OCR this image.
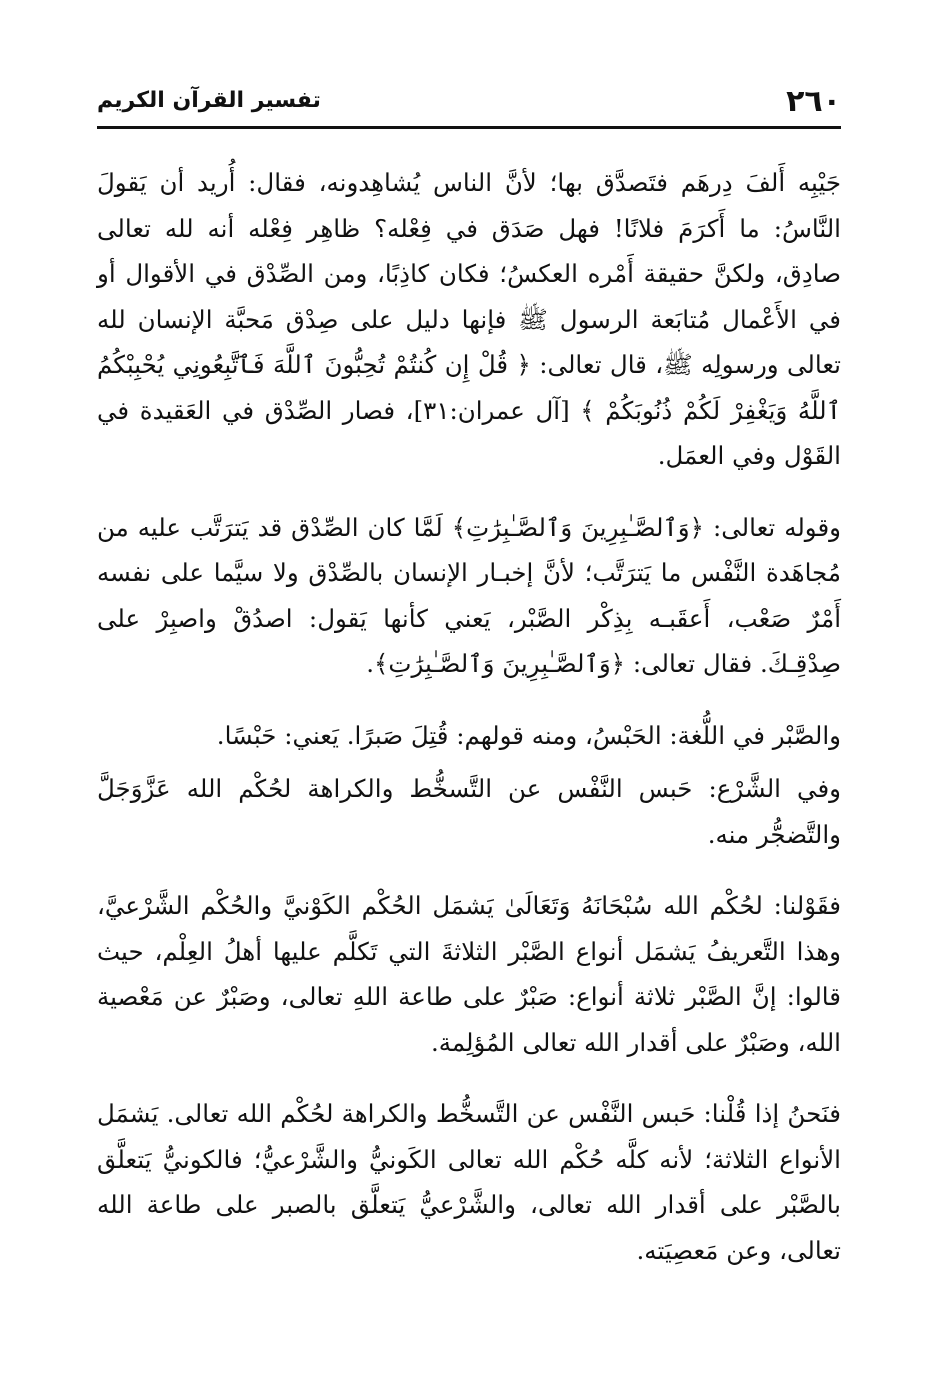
٢٦٠
تفسير القرآن الكريم

جَيْبِه أَلفَ دِرهَم فتَصدَّق بها؛ لأنَّ الناس يُشاهِدونه، فقال: أُريد أن يَقولَ النَّاسُ: ما أَكرَمَ فلانًا! فهل صَدَق في فِعْله؟ ظاهِر فِعْله أنه لله تعالى صادِق، ولكنَّ حقيقة أَمْره العكسُ؛ فكان كاذِبًا، ومن الصِّدْق في الأقوال أو في الأَعْمال مُتابَعة الرسول ﷺ فإنها دليل على صِدْق مَحبَّة الإنسان لله تعالى ورسولِه ﷺ، قال تعالى: ﴿ قُلْ إِن كُنتُمْ تُحِبُّونَ ٱللَّهَ فَٱتَّبِعُونِي يُحْبِبْكُمُ ٱللَّهُ وَيَغْفِرْ لَكُمْ ذُنُوبَكُمْ ﴾ [آل عمران:٣١]، فصار الصِّدْق في العَقيدة في القَوْل وفي العمَل.

وقوله تعالى: ﴿وَٱلصَّـٰبِرِينَ وَٱلصَّـٰبِرَٰتِ﴾ لَمَّا كان الصِّدْق قد يَترَتَّب عليه من مُجاهَدة النَّفْس ما يَترَتَّب؛ لأنَّ إخبـار الإنسان بالصِّدْق ولا سيَّما على نفسه أَمْرٌ صَعْب، أَعقَبـه بِذِكْر الصَّبْر، يَعني كأنها يَقول: اصدُقْ واصبِرْ على صِدْقِـكَ. فقال تعالى: ﴿وَٱلصَّـٰبِرِينَ وَٱلصَّـٰبِرَٰتِ﴾.

والصَّبْر في اللُّغة: الحَبْسُ، ومنه قولهم: قُتِلَ صَبرًا. يَعني: حَبْسًا.

وفي الشَّرْع: حَبس النَّفْس عن التَّسخُّط والكراهة لحُكْم الله عَزَّوَجَلَّ والتَّضجُّر منه.

فقَوْلنا: لحُكْم الله سُبْحَانَهُ وَتَعَالَىٰ يَشمَل الحُكْم الكَوْنيَّ والحُكْم الشَّرْعيَّ، وهذا التَّعريفُ يَشمَل أنواع الصَّبْر الثلاثةَ التي تَكلَّم عليها أهلُ العِلْم، حيث قالوا: إنَّ الصَّبْر ثلاثة أنواع: صَبْرٌ على طاعة اللهِ تعالى، وصَبْرٌ عن مَعْصية الله، وصَبْرٌ على أقدار الله تعالى المُؤلِمة.

فنَحنُ إذا قُلْنا: حَبس النَّفْس عن التَّسخُّط والكراهة لحُكْم الله تعالى. يَشمَل الأنواع الثلاثة؛ لأنه كلَّه حُكْم الله تعالى الكَونيُّ والشَّرْعيُّ؛ فالكونيُّ يَتعلَّق بالصَّبْر على أقدار الله تعالى، والشَّرْعيُّ يَتعلَّق بالصبر على طاعة الله تعالى، وعن مَعصِيَته.
